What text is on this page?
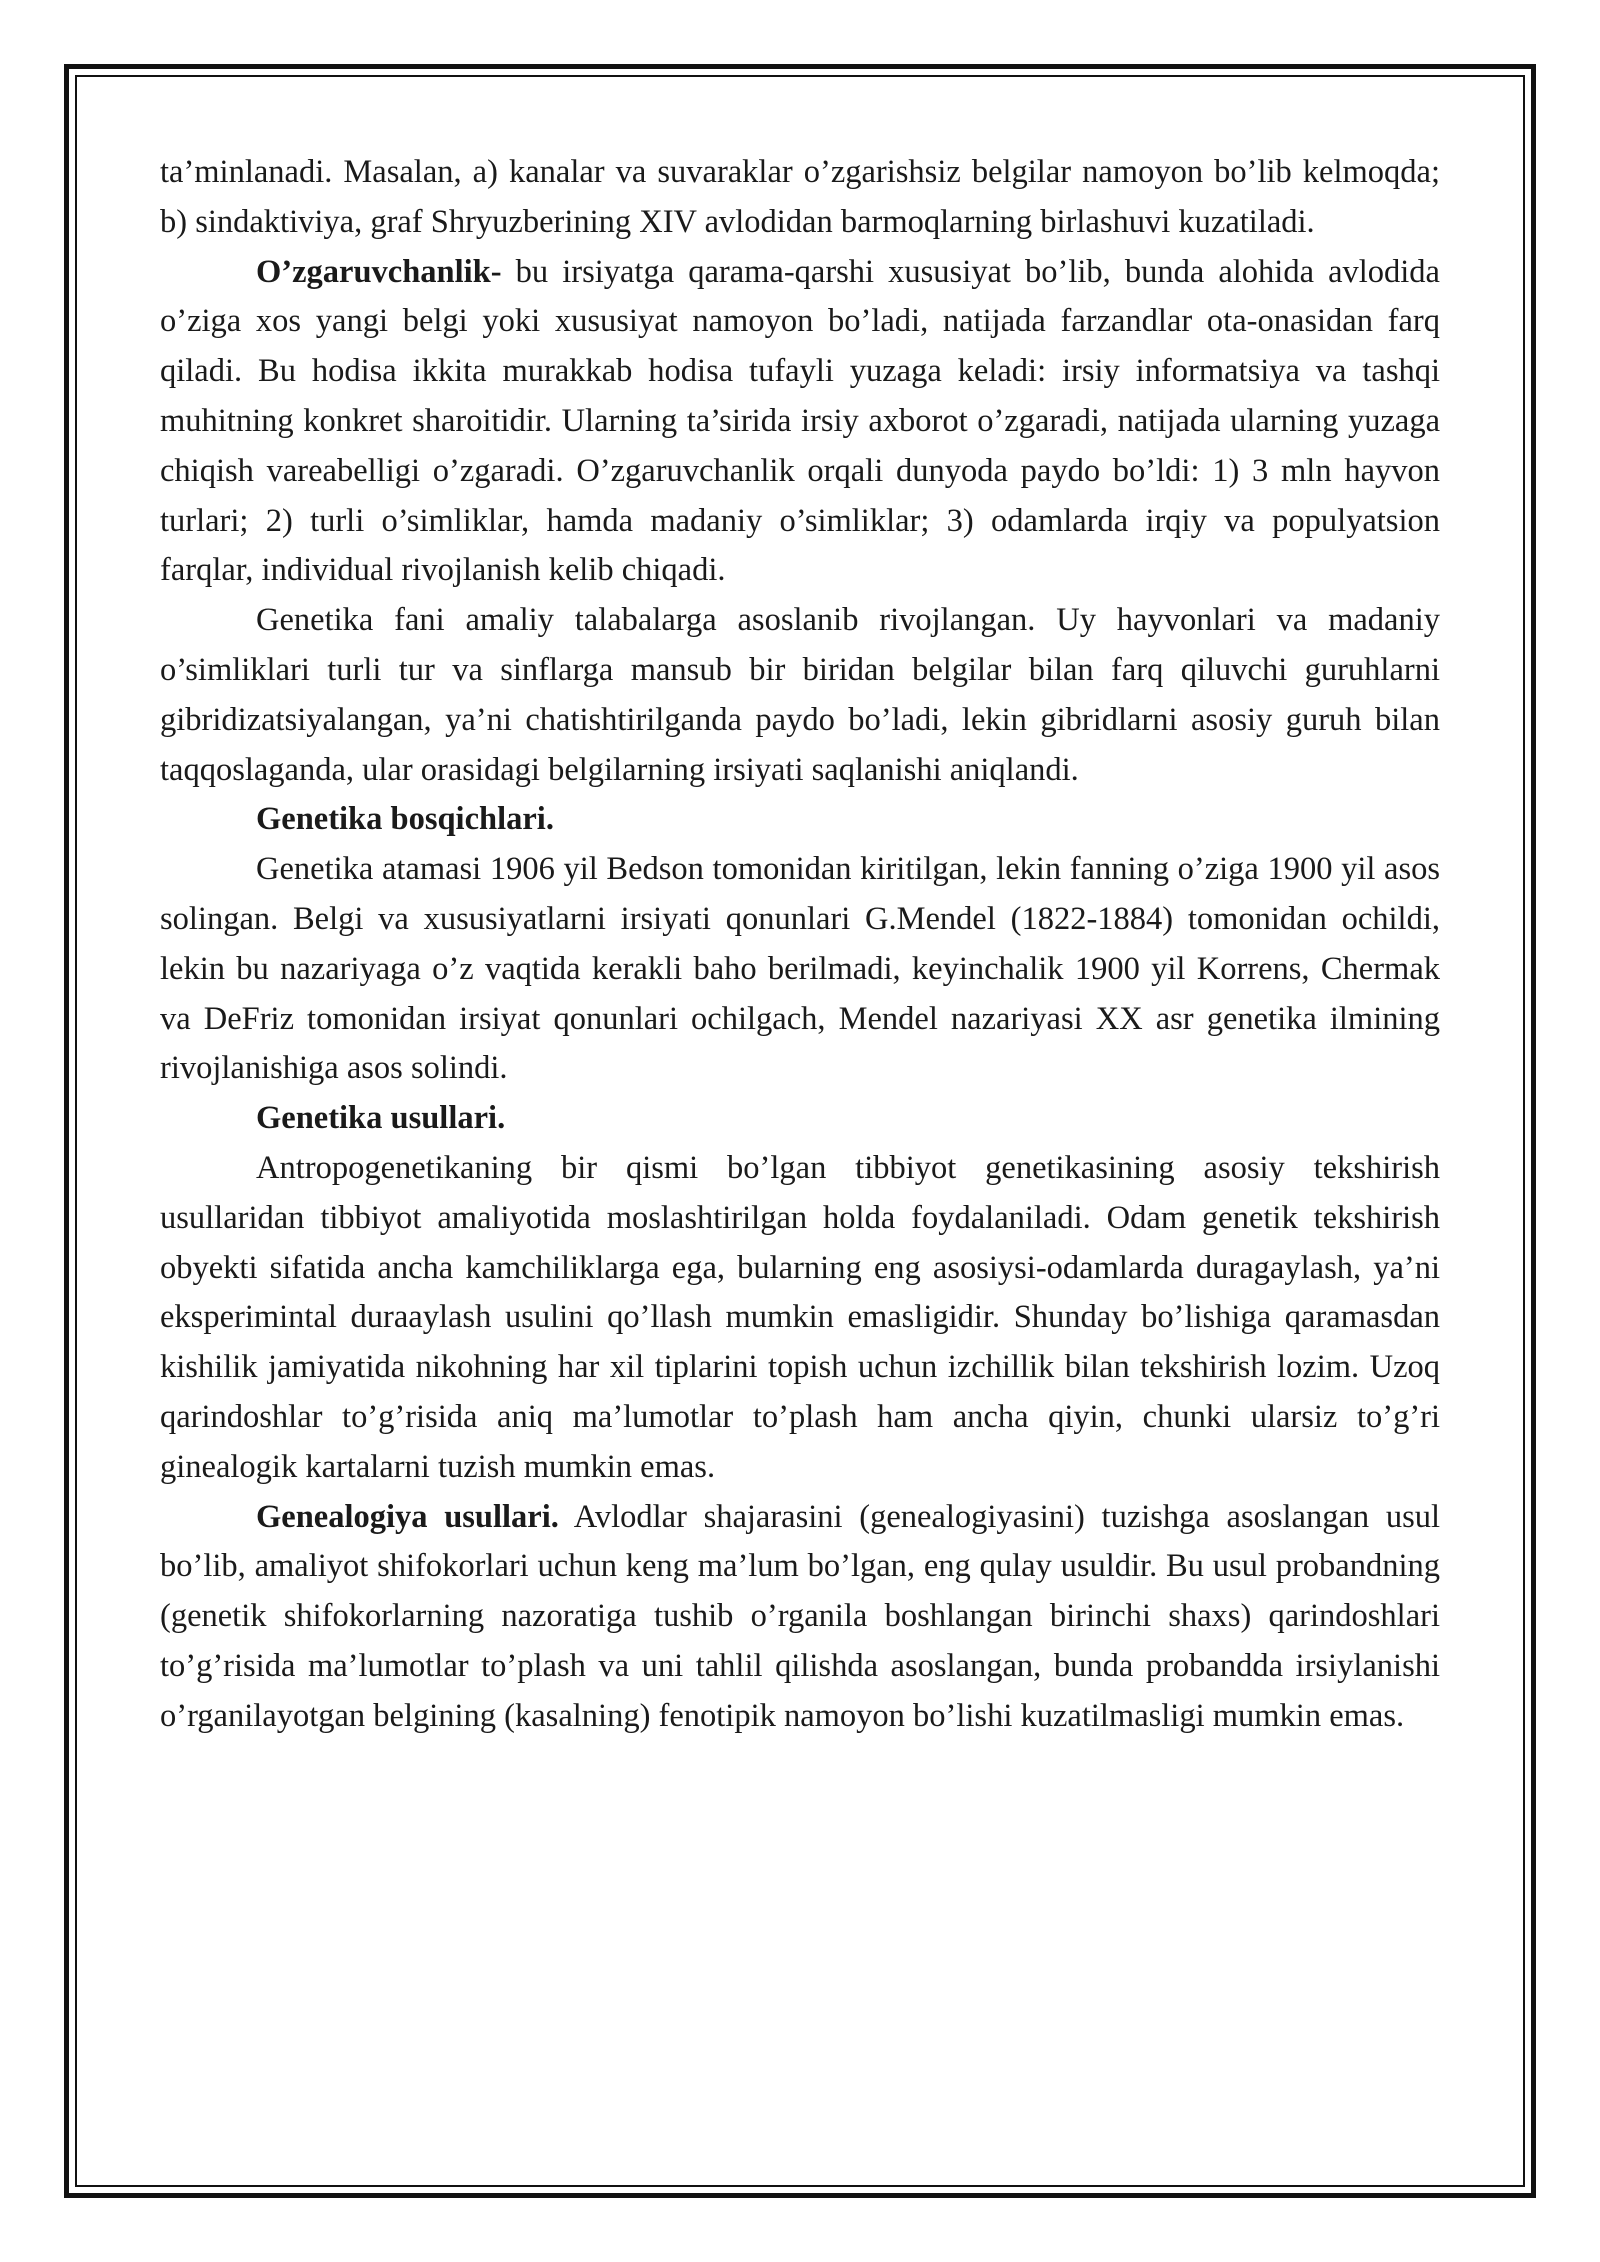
ta’minlanadi. Masalan, a) kanalar va suvaraklar o’zgarishsiz belgilar namoyon bo’lib kelmoqda; b) sindaktiviya, graf Shryuzberining XIV avlodidan barmoqlarning birlashuvi kuzatiladi.

O’zgaruvchanlik- bu irsiyatga qarama-qarshi xususiyat bo’lib, bunda alohida avlodida o’ziga xos yangi belgi yoki xususiyat namoyon bo’ladi, natijada farzandlar ota-onasidan farq qiladi. Bu hodisa ikkita murakkab hodisa tufayli yuzaga keladi: irsiy informatsiya va tashqi muhitning konkret sharoitidir. Ularning ta’sirida irsiy axborot o’zgaradi, natijada ularning yuzaga chiqish vareabelligi o’zgaradi. O’zgaruvchanlik orqali dunyoda paydo bo’ldi: 1) 3 mln hayvon turlari; 2) turli o’simliklar, hamda madaniy o’simliklar; 3) odamlarda irqiy va populyatsion farqlar, individual rivojlanish kelib chiqadi.

Genetika fani amaliy talabalarga asoslanib rivojlangan. Uy hayvonlari va madaniy o’simliklari turli tur va sinflarga mansub bir biridan belgilar bilan farq qiluvchi guruhlarni gibridizatsiyalangan, ya’ni chatishtirilganda paydo bo’ladi, lekin gibridlarni asosiy guruh bilan taqqoslaganda, ular orasidagi belgilarning irsiyati saqlanishi aniqlandi.

Genetika bosqichlari.

Genetika atamasi 1906 yil Bedson tomonidan kiritilgan, lekin fanning o’ziga 1900 yil asos solingan. Belgi va xususiyatlarni irsiyati qonunlari G.Mendel (1822-1884) tomonidan ochildi, lekin bu nazariyaga o’z vaqtida kerakli baho berilmadi, keyinchalik 1900 yil Korrens, Chermak va DeFriz tomonidan irsiyat qonunlari ochilgach, Mendel nazariyasi XX asr genetika ilmining rivojlanishiga asos solindi.

Genetika usullari.

Antropogenetikaning bir qismi bo’lgan tibbiyot genetikasining asosiy tekshirish usullaridan tibbiyot amaliyotida moslashtirilgan holda foydalaniladi. Odam genetik tekshirish obyekti sifatida ancha kamchiliklarga ega, bularning eng asosiysi-odamlarda duragaylash, ya’ni eksperimintal duraaylash usulini qo’llash mumkin emasligidir. Shunday bo’lishiga qaramasdan kishilik jamiyatida nikohning har xil tiplarini topish uchun izchillik bilan tekshirish lozim. Uzoq qarindoshlar to’g’risida aniq ma’lumotlar to’plash ham ancha qiyin, chunki ularsiz to’g’ri ginealogik kartalarni tuzish mumkin emas.

Genealogiya usullari. Avlodlar shajarasini (genealogiyasini) tuzishga asoslangan usul bo’lib, amaliyot shifokorlari uchun keng ma’lum bo’lgan, eng qulay usuldir. Bu usul probandning (genetik shifokorlarning nazoratiga tushib o’rganila boshlangan birinchi shaxs) qarindoshlari to’g’risida ma’lumotlar to’plash va uni tahlil qilishda asoslangan, bunda probandda irsiylanishi o’rganilayotgan belgining (kasalning) fenotipik namoyon bo’lishi kuzatilmasligi mumkin emas.
